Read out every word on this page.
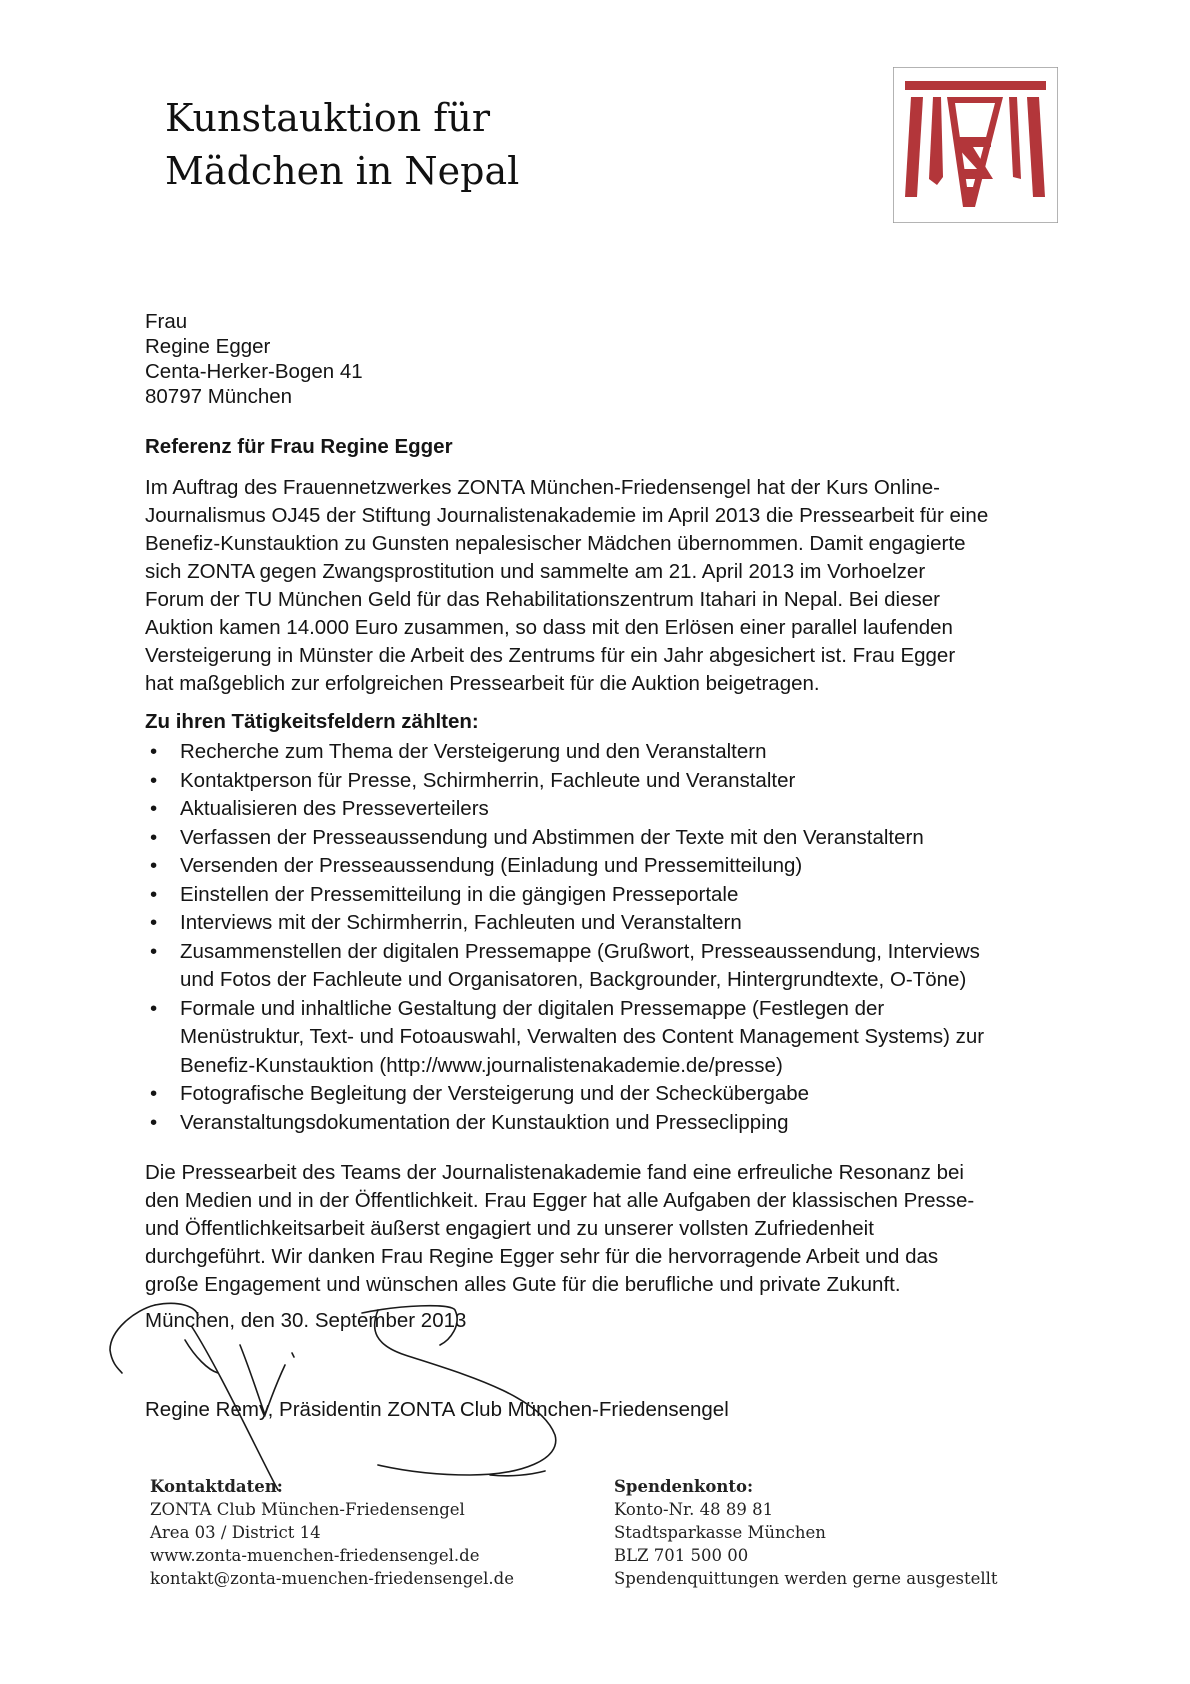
Kunstauktion für
Mädchen in Nepal
Frau
Regine Egger
Centa-Herker-Bogen 41
80797 München
Referenz für Frau Regine Egger
Im Auftrag des Frauennetzwerkes ZONTA München-Friedensengel hat der Kurs Online-
Journalismus OJ45 der Stiftung Journalistenakademie im April 2013 die Pressearbeit für eine
Benefiz-Kunstauktion zu Gunsten nepalesischer Mädchen übernommen. Damit engagierte
sich ZONTA gegen Zwangsprostitution und sammelte am 21. April 2013 im Vorhoelzer
Forum der TU München Geld für das Rehabilitationszentrum Itahari in Nepal. Bei dieser
Auktion kamen 14.000 Euro zusammen, so dass mit den Erlösen einer parallel laufenden
Versteigerung in Münster die Arbeit des Zentrums für ein Jahr abgesichert ist. Frau Egger
hat maßgeblich zur erfolgreichen Pressearbeit für die Auktion beigetragen.
Zu ihren Tätigkeitsfeldern zählten:
• Recherche zum Thema der Versteigerung und den Veranstaltern
• Kontaktperson für Presse, Schirmherrin, Fachleute und Veranstalter
• Aktualisieren des Presseverteilers
• Verfassen der Presseaussendung und Abstimmen der Texte mit den Veranstaltern
• Versenden der Presseaussendung (Einladung und Pressemitteilung)
• Einstellen der Pressemitteilung in die gängigen Presseportale
• Interviews mit der Schirmherrin, Fachleuten und Veranstaltern
• Zusammenstellen der digitalen Pressemappe (Grußwort, Presseaussendung, Interviews
und Fotos der Fachleute und Organisatoren, Backgrounder, Hintergrundtexte, O-Töne)
• Formale und inhaltliche Gestaltung der digitalen Pressemappe (Festlegen der
Menüstruktur, Text- und Fotoauswahl, Verwalten des Content Management Systems) zur
Benefiz-Kunstauktion (http://www.journalistenakademie.de/presse)
• Fotografische Begleitung der Versteigerung und der Scheckübergabe
• Veranstaltungsdokumentation der Kunstauktion und Presseclipping
Die Pressearbeit des Teams der Journalistenakademie fand eine erfreuliche Resonanz bei
den Medien und in der Öffentlichkeit. Frau Egger hat alle Aufgaben der klassischen Presse-
und Öffentlichkeitsarbeit äußerst engagiert und zu unserer vollsten Zufriedenheit
durchgeführt. Wir danken Frau Regine Egger sehr für die hervorragende Arbeit und das
große Engagement und wünschen alles Gute für die berufliche und private Zukunft.
München, den 30. September 2013
Regine Remy, Präsidentin ZONTA Club München-Friedensengel
Kontaktdaten:
ZONTA Club München-Friedensengel
Area 03 / District 14
www.zonta-muenchen-friedensengel.de
kontakt@zonta-muenchen-friedensengel.de
Spendenkonto:
Konto-Nr. 48 89 81
Stadtsparkasse München
BLZ 701 500 00
Spendenquittungen werden gerne ausgestellt
